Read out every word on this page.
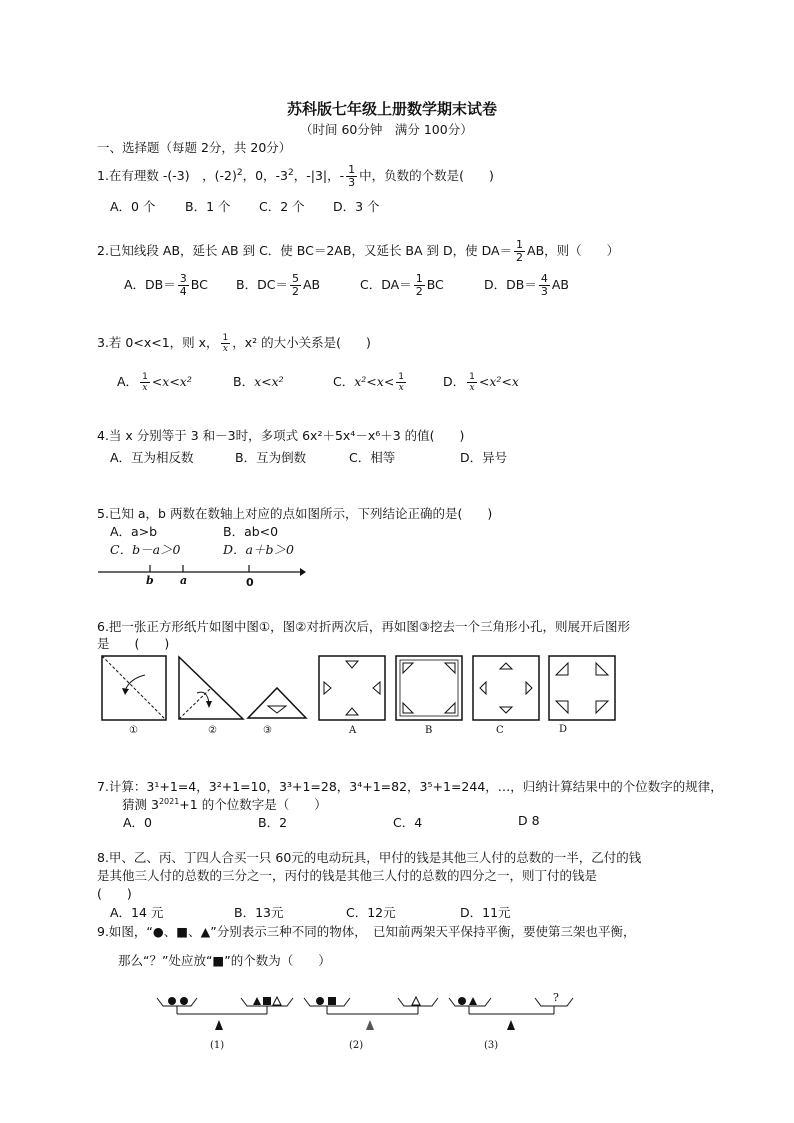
苏科版七年级上册数学期末试卷
（时间 60分钟　满分 100分）
一、选择题（每题 2分，共 20分）
1.在有理数 -(-3)　，$(-2)^2$，0，$-3^2$，-|3|，- $\frac{1}{3}$ 中，负数的个数是(　　)
A．0 个 B．1 个 C．2 个 D．3 个
2.已知线段 AB，延长 AB 到 C．使 BC＝2AB，又延长 BA 到 D，使 $DA= \frac{1}{2}$ AB，则（　　）
A．$DB= \frac{3}{4}$ BC B．$DC= \frac{5}{2}$ AB	C．$DA= \frac{1}{2}$ BC	D．$DB= \frac{4}{3}$ AB
3.若 0<x<1，则 x， $\frac{1}{x}$ ，x² 的大小关系是(　　)
A． $\frac{1}{x} <x<x^2$	B．x<x²	C．$x^2<x< \frac{1}{x}$	D． $\frac{1}{x} <x^2<x$
4.当 x 分别等于 3 和－3时，多项式 6x²＋5x⁴－x⁶＋3 的值(　　)
A．互为相反数	B．互为倒数	C．相等	D．异号
5.已知 a，b 两数在数轴上对应的点如图所示，下列结论正确的是(　　)
A．a>b	B．ab<0
C．b－a＞0	D．a＋b＞0
b a	0
6.把一张正方形纸片如图中图①，图②对折两次后，再如图③挖去一个三角形小孔，则展开后图形
是　　(　　)
①	②	③	A	B	C	D
7.计算：3¹+1=4，3²+1=10，3³+1=28，3⁴+1=82，3⁵+1=244，…，归纳计算结果中的个位数字的规律，
猜测 $3^{2021}+1$ 的个位数字是（　　）
A．0	B．2	C．4	D 8
8.甲、乙、丙、丁四人合买一只 60元的电动玩具，甲付的钱是其他三人付的总数的一半，乙付的钱
是其他三人付的总数的三分之一，丙付的钱是其他三人付的总数的四分之一，则丁付的钱是
(　　)
A．14 元	B．13元	C．12元	D．11元
9.如图，“●、■、▲”分别表示三种不同的物体，　已知前两架天平保持平衡，要使第三架也平衡，
那么“？”处应放“■”的个数为（　　）
?
(1)	(2)	(3)
